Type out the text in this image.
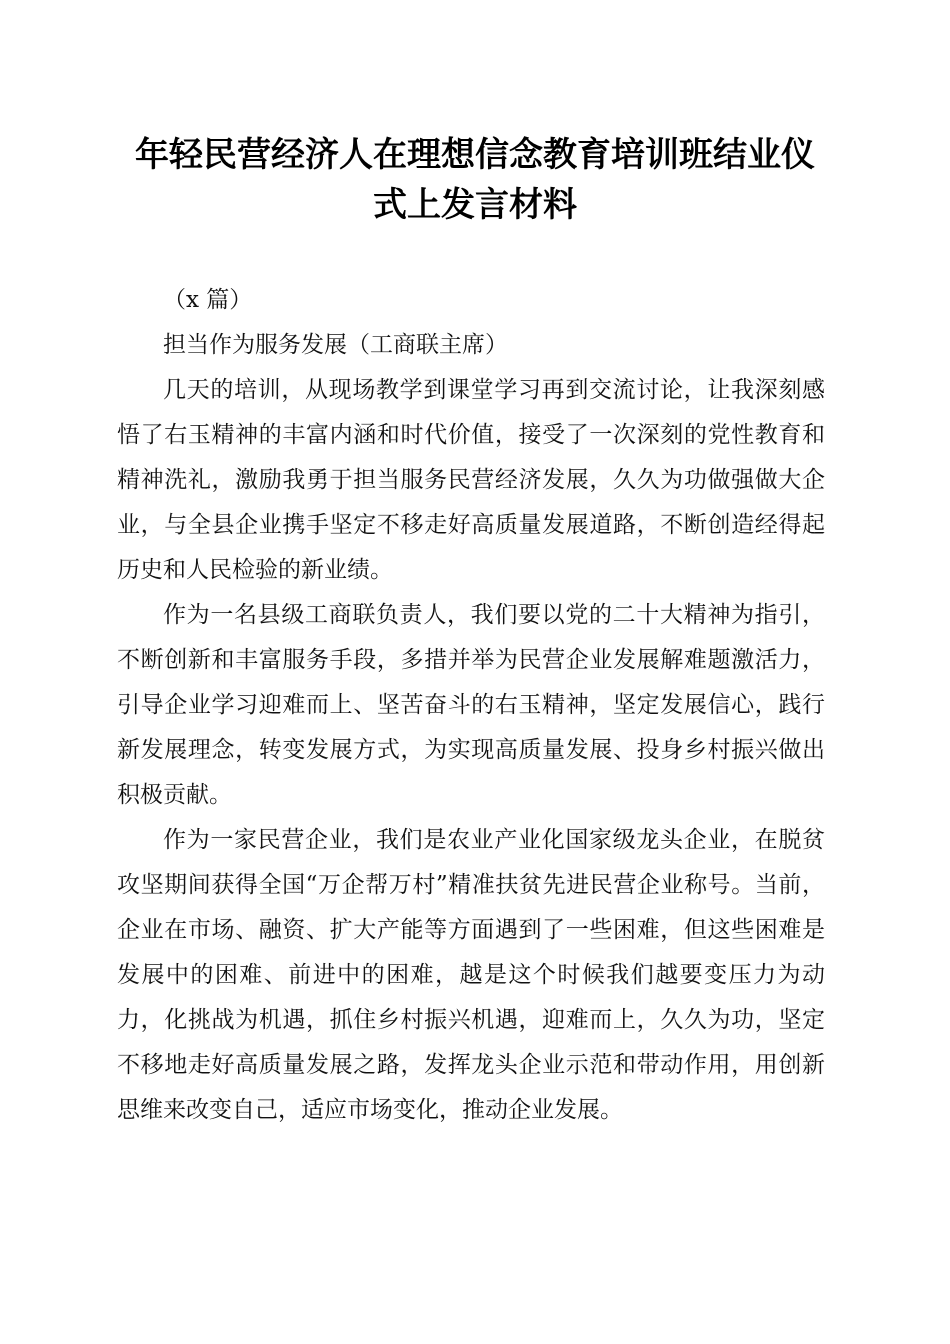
年轻民营经济人在理想信念教育培训班结业仪
式上发言材料

（x 篇）

担当作为服务发展（工商联主席）

几天的培训，从现场教学到课堂学习再到交流讨论，让我深刻感悟了右玉精神的丰富内涵和时代价值，接受了一次深刻的党性教育和精神洗礼，激励我勇于担当服务民营经济发展，久久为功做强做大企业，与全县企业携手坚定不移走好高质量发展道路，不断创造经得起历史和人民检验的新业绩。

作为一名县级工商联负责人，我们要以党的二十大精神为指引，不断创新和丰富服务手段，多措并举为民营企业发展解难题激活力，引导企业学习迎难而上、坚苦奋斗的右玉精神，坚定发展信心，践行新发展理念，转变发展方式，为实现高质量发展、投身乡村振兴做出积极贡献。

作为一家民营企业，我们是农业产业化国家级龙头企业，在脱贫攻坚期间获得全国“万企帮万村”精准扶贫先进民营企业称号。当前，企业在市场、融资、扩大产能等方面遇到了一些困难，但这些困难是发展中的困难、前进中的困难，越是这个时候我们越要变压力为动力，化挑战为机遇，抓住乡村振兴机遇，迎难而上，久久为功，坚定不移地走好高质量发展之路，发挥龙头企业示范和带动作用，用创新思维来改变自己，适应市场变化，推动企业发展。
